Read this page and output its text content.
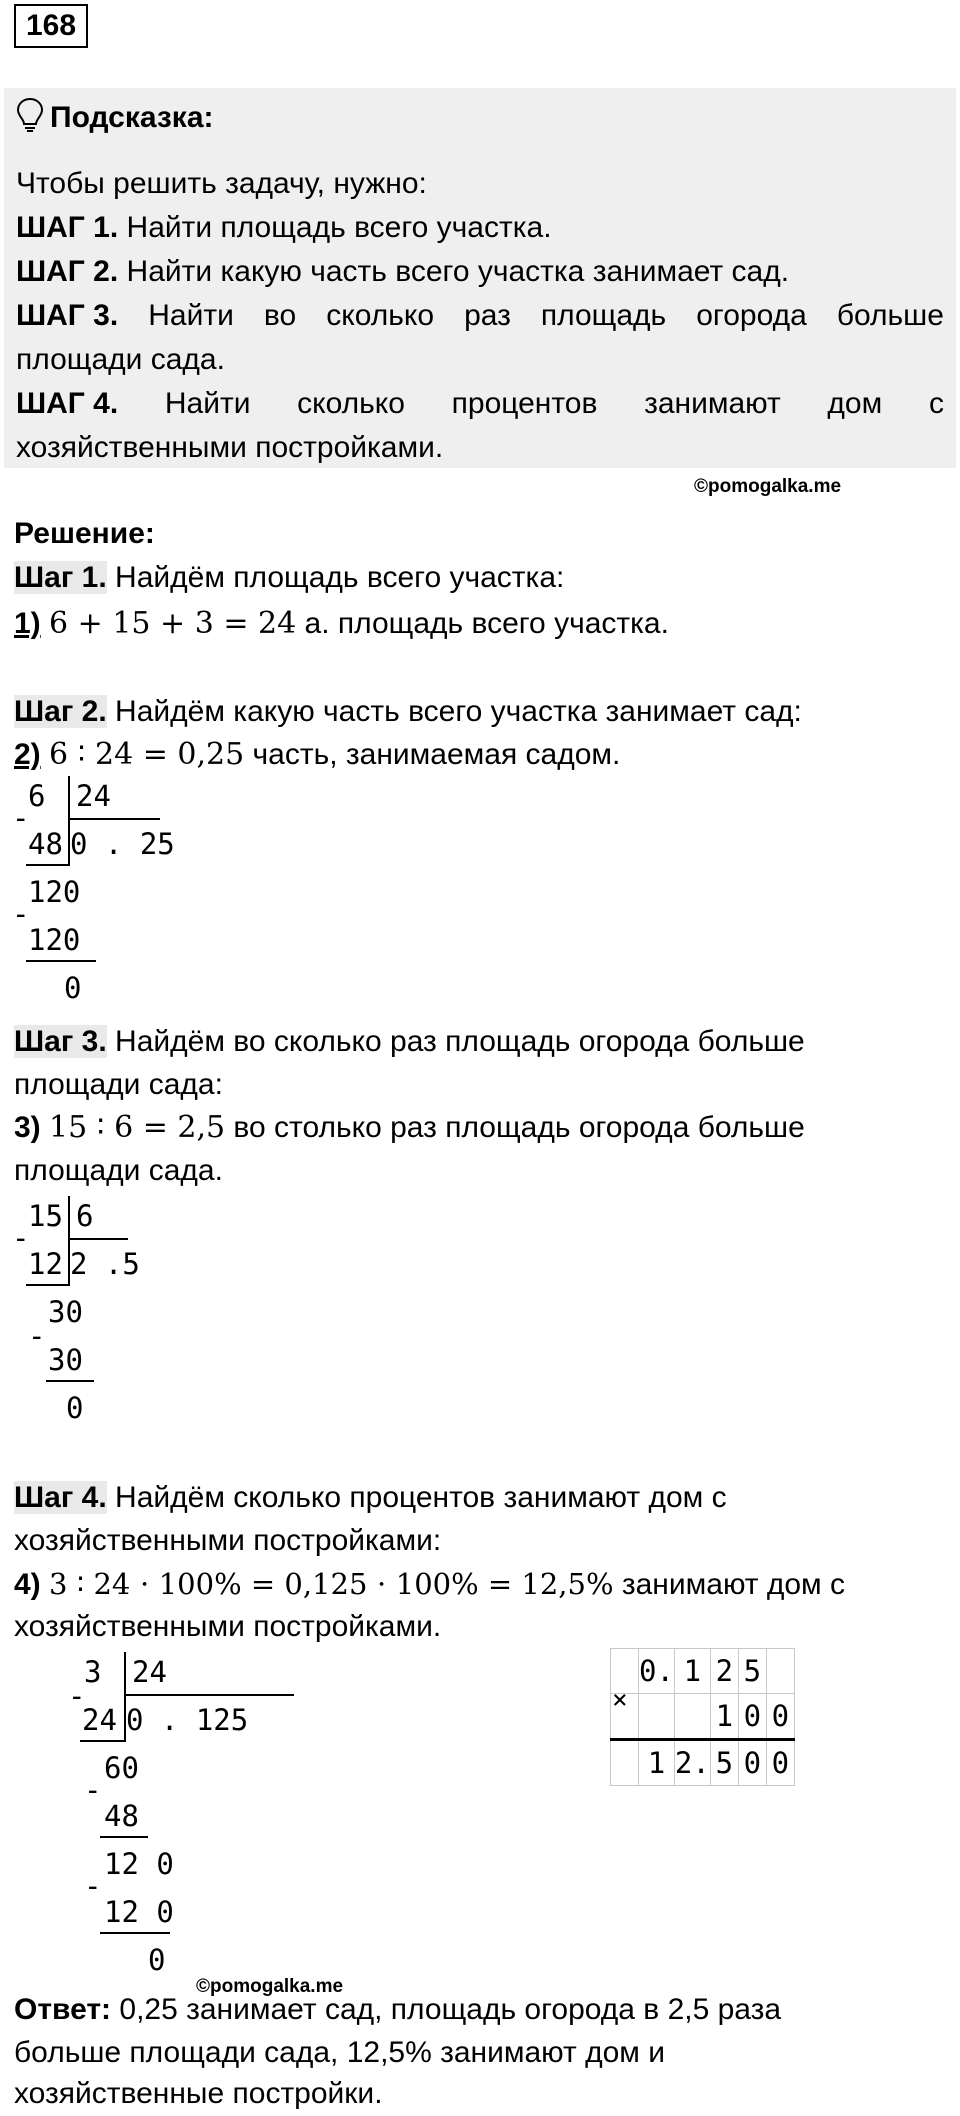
168
Подсказка:
Чтобы решить задачу, нужно:
ШАГ 1. Найти площадь всего участка.
ШАГ 2. Найти какую часть всего участка занимает сад.
ШАГ 3. Найти во сколько раз площадь огорода больше
площади сада.
ШАГ 4. Найти сколько процентов занимают дом с
хозяйственными постройками.
©pomogalka.me
Решение:
Шаг 1. Найдём площадь всего участка:
1) 6 + 15 + 3 = 24 а. площадь всего участка.
Шаг 2. Найдём какую часть всего участка занимает сад:
2) 6 ∶ 24 = 0,25 часть, занимаемая садом.
6 24
-
48 0 . 25
120
-
120
0
Шаг 3. Найдём во сколько раз площадь огорода больше
площади сада:
3) 15 ∶ 6 = 2,5 во столько раз площадь огорода больше
площади сада.
15 6
-
12 2 .5
30
-
30
0
Шаг 4. Найдём сколько процентов занимают дом с
хозяйственными постройками:
4) 3 ∶ 24 ⋅ 100% = 0,125 ⋅ 100% = 12,5% занимают дом с
хозяйственными постройками.
3 24
-
24 0 . 125
60
-
48
12 0
-
12 0
0
×
	0.	1	2	5	
			1	0	0
	1	2.	5	0	0
©pomogalka.me
Ответ: 0,25 занимает сад, площадь огорода в 2,5 раза
больше площади сада, 12,5% занимают дом и
хозяйственные постройки.
